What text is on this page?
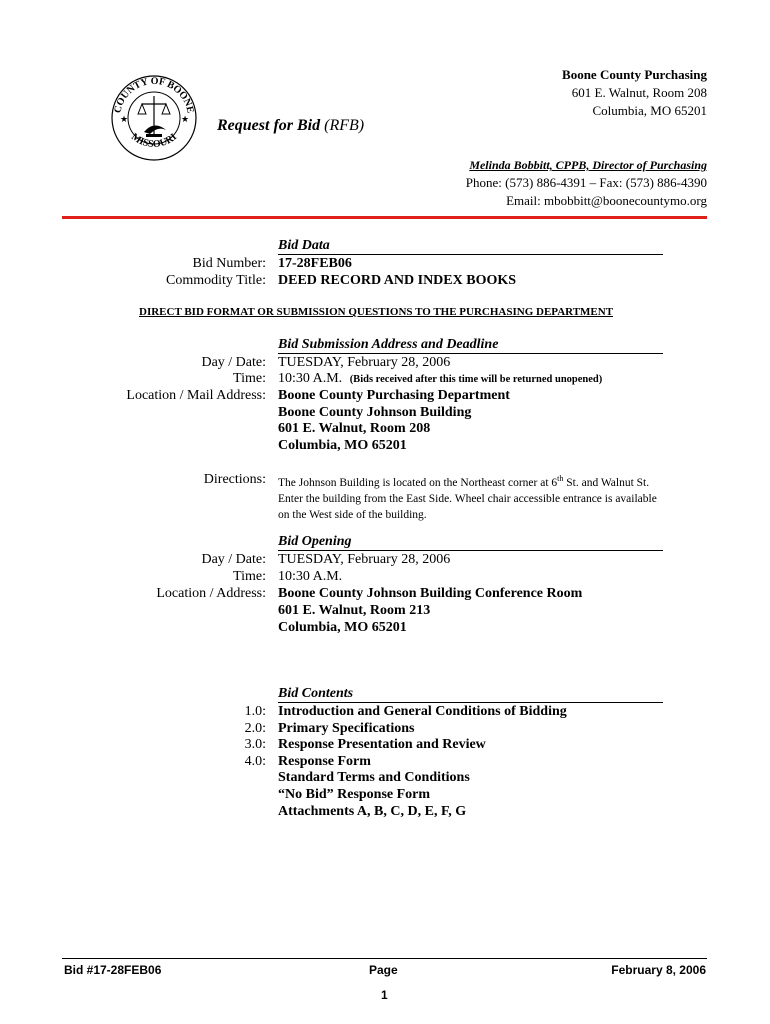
COUNTY OF BOONE
MISSOURI
★	★ Request for Bid (RFB)
Boone County Purchasing
601 E. Walnut, Room 208
Columbia, MO 65201
Melinda Bobbitt, CPPB, Director of Purchasing
Phone: (573) 886-4391 – Fax: (573) 886-4390
Email: mbobbitt@boonecountymo.org
Bid Data
Bid Number: 17-28FEB06
Commodity Title: DEED RECORD AND INDEX BOOKS
DIRECT BID FORMAT OR SUBMISSION QUESTIONS TO THE PURCHASING DEPARTMENT
Bid Submission Address and Deadline
Day / Date: TUESDAY, February 28, 2006
Time: 10:30 A.M. (Bids received after this time will be returned unopened)
Location / Mail Address: Boone County Purchasing Department
Boone County Johnson Building
601 E. Walnut, Room 208
Columbia, MO 65201
Directions: The Johnson Building is located on the Northeast corner at 6th St. and Walnut St. Enter the building from the East Side. Wheel chair accessible entrance is available on the West side of the building.
Bid Opening
Day / Date: TUESDAY, February 28, 2006
Time: 10:30 A.M.
Location / Address: Boone County Johnson Building Conference Room
601 E. Walnut, Room 213
Columbia, MO 65201
Bid Contents
1.0: Introduction and General Conditions of Bidding
2.0: Primary Specifications
3.0: Response Presentation and Review
4.0: Response Form
Standard Terms and Conditions
“No Bid” Response Form
Attachments A, B, C, D, E, F, G
Bid #17-28FEB06	Page	February 8, 2006
1
